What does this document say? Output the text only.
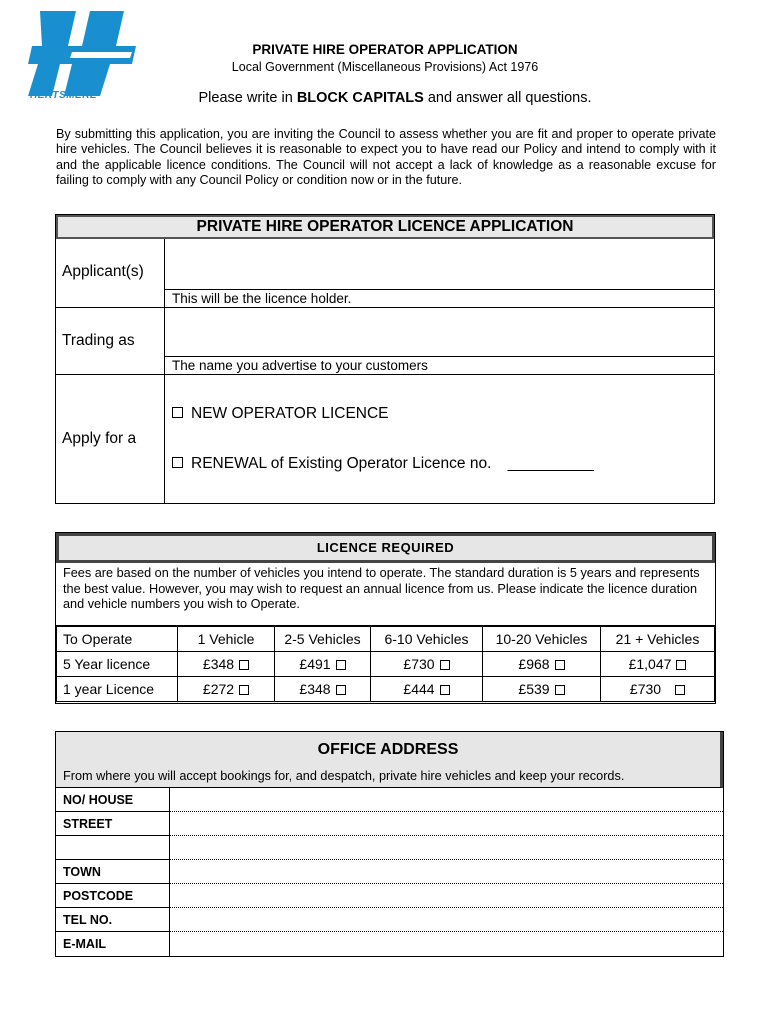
HERTSMERE
PRIVATE HIRE OPERATOR APPLICATION
Local Government (Miscellaneous Provisions) Act 1976
Please write in BLOCK CAPITALS and answer all questions.
By submitting this application, you are inviting the Council to assess whether you are fit and proper to operate private hire vehicles. The Council believes it is reasonable to expect you to have read our Policy and intend to comply with it and the applicable licence conditions. The Council will not accept a lack of knowledge as a reasonable excuse for failing to comply with any Council Policy or condition now or in the future.
PRIVATE HIRE OPERATOR LICENCE APPLICATION
Applicant(s)
This will be the licence holder.
Trading as
The name you advertise to your customers
Apply for a
NEW OPERATOR LICENCE
RENEWAL of Existing Operator Licence no. __________
LICENCE REQUIRED
Fees are based on the number of vehicles you intend to operate. The standard duration is 5 years and represents the best value. However, you may wish to request an annual licence from us. Please indicate the licence duration and vehicle numbers you wish to Operate.
To Operate	1 Vehicle	2-5 Vehicles	6-10 Vehicles	10-20 Vehicles	21 + Vehicles
5 Year licence	£348	£491	£730	£968	£1,047
1 year Licence	£272	£348	£444	£539	£730
OFFICE ADDRESS
From where you will accept bookings for, and despatch, private hire vehicles and keep your records.
NO/ HOUSE
STREET
TOWN
POSTCODE
TEL NO.
E-MAIL
